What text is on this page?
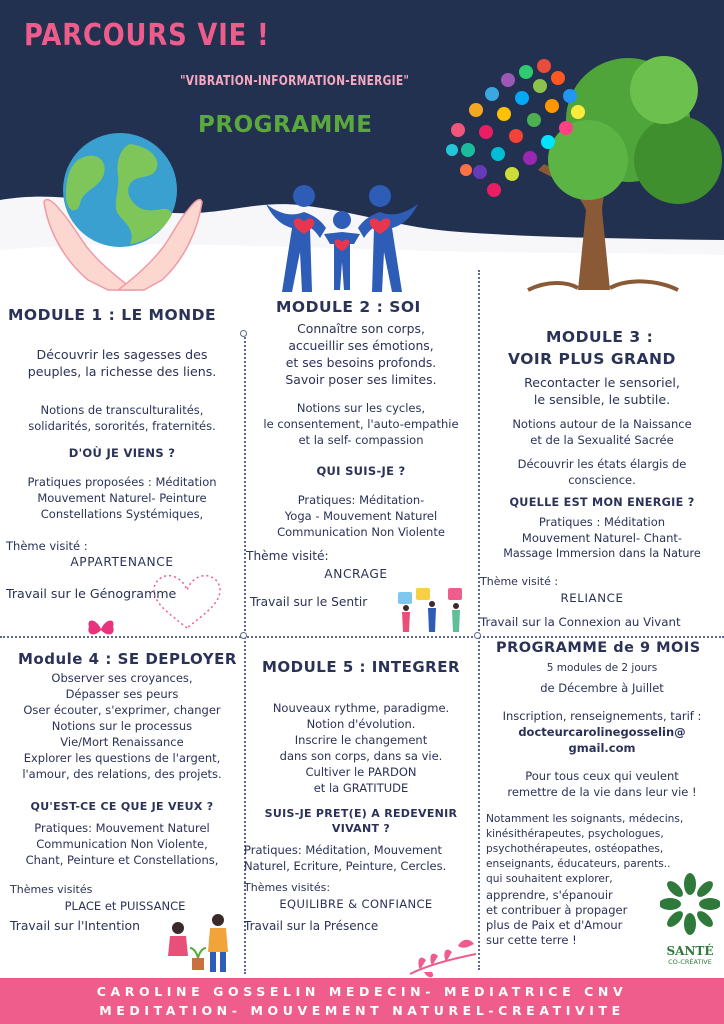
PARCOURS VIE !
"VIBRATION-INFORMATION-ENERGIE"
PROGRAMME
MODULE 1 : LE MONDE
Découvrir les sagesses des
peuples, la richesse des liens.
Notions de transculturalités,
solidarités, sororités, fraternités.
D'OÙ JE VIENS ?
Pratiques proposées : Méditation
Mouvement Naturel- Peinture
Constellations Systémiques,
Thème visité :
APPARTENANCE
Travail sur le Génogramme
MODULE 2 : SOI
Connaître son corps,
accueillir ses émotions,
et ses besoins profonds.
Savoir poser ses limites.
Notions sur les cycles,
le consentement, l'auto-empathie
et la self- compassion
QUI SUIS-JE ?
Pratiques: Méditation-
Yoga - Mouvement Naturel
Communication Non Violente
Thème visité:
ANCRAGE
Travail sur le Sentir
MODULE 3 :
VOIR PLUS GRAND
Recontacter le sensoriel,
le sensible, le subtile.
Notions autour de la Naissance
et de la Sexualité Sacrée
Découvrir les états élargis de
conscience.
QUELLE EST MON ENERGIE ?
Pratiques : Méditation
Mouvement Naturel- Chant-
Massage Immersion dans la Nature
Thème visité :
RELIANCE
Travail sur la Connexion au Vivant
Module 4 : SE DEPLOYER
Observer ses croyances,
Dépasser ses peurs
Oser écouter, s'exprimer, changer
Notions sur le processus
Vie/Mort Renaissance
Explorer les questions de l'argent,
l'amour, des relations, des projets.
QU'EST-CE CE QUE JE VEUX ?
Pratiques: Mouvement Naturel
Communication Non Violente,
Chant, Peinture et Constellations,
Thèmes visités
PLACE et PUISSANCE
Travail sur l'Intention
MODULE 5 : INTEGRER
Nouveaux rythme, paradigme.
Notion d'évolution.
Inscrire le changement
dans son corps, dans sa vie.
Cultiver le PARDON
et la GRATITUDE
SUIS-JE PRET(E) A REDEVENIR
VIVANT ?
Pratiques: Méditation, Mouvement
Naturel, Ecriture, Peinture, Cercles.
Thèmes visités:
EQUILIBRE & CONFIANCE
Travail sur la Présence
PROGRAMME de 9 MOIS
5 modules de 2 jours
de Décembre à Juillet
Inscription, renseignements, tarif :
docteurcarolinegosselin@
gmail.com
Pour tous ceux qui veulent
remettre de la vie dans leur vie !
Notamment les soignants, médecins,
kinésithérapeutes, psychologues,
psychothérapeutes, ostéopathes,
enseignants, éducateurs, parents..
qui souhaitent explorer,
apprendre, s'épanouir
et contribuer à propager
plus de Paix et d'Amour
sur cette terre !
SANTÉ
CO-CRÉATIVE
CAROLINE GOSSELIN MEDECIN- MEDIATRICE CNV
MEDITATION- MOUVEMENT NATUREL-CREATIVITE
